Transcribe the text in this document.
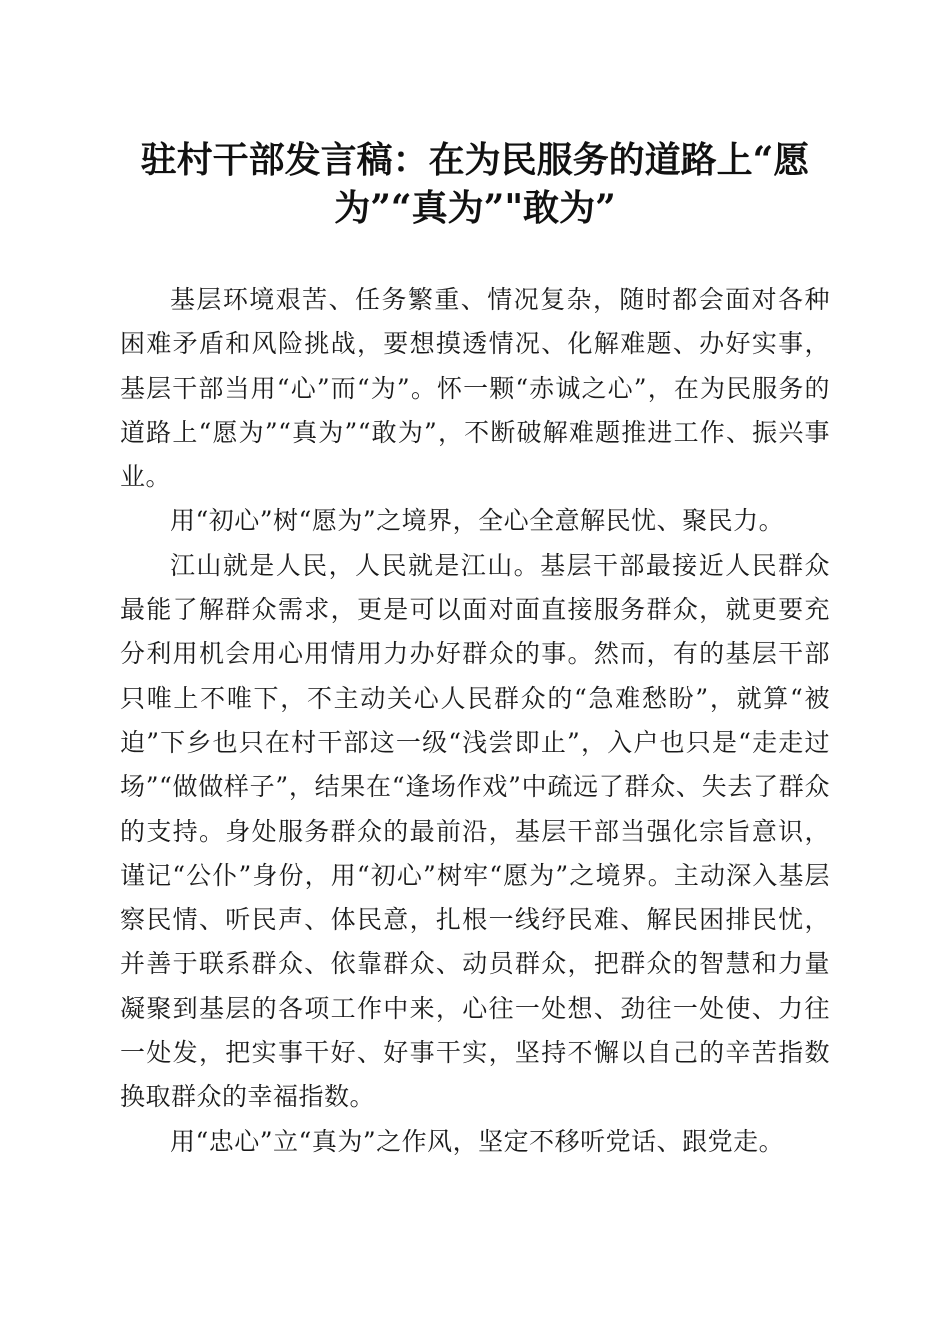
驻村干部发言稿：在为民服务的道路上“愿为”“真为”"敢为”

基层环境艰苦、任务繁重、情况复杂，随时都会面对各种困难矛盾和风险挑战，要想摸透情况、化解难题、办好实事，基层干部当用“心”而“为”。怀一颗“赤诚之心”，在为民服务的道路上“愿为”“真为”“敢为”，不断破解难题推进工作、振兴事业。

用“初心”树“愿为”之境界，全心全意解民忧、聚民力。

江山就是人民，人民就是江山。基层干部最接近人民群众最能了解群众需求，更是可以面对面直接服务群众，就更要充分利用机会用心用情用力办好群众的事。然而，有的基层干部只唯上不唯下，不主动关心人民群众的“急难愁盼”，就算“被迫”下乡也只在村干部这一级“浅尝即止”，入户也只是“走走过场”“做做样子”，结果在“逢场作戏”中疏远了群众、失去了群众的支持。身处服务群众的最前沿，基层干部当强化宗旨意识，谨记“公仆”身份，用“初心”树牢“愿为”之境界。主动深入基层察民情、听民声、体民意，扎根一线纾民难、解民困排民忧，并善于联系群众、依靠群众、动员群众，把群众的智慧和力量凝聚到基层的各项工作中来，心往一处想、劲往一处使、力往一处发，把实事干好、好事干实，坚持不懈以自己的辛苦指数换取群众的幸福指数。

用“忠心”立“真为”之作风，坚定不移听党话、跟党走。
